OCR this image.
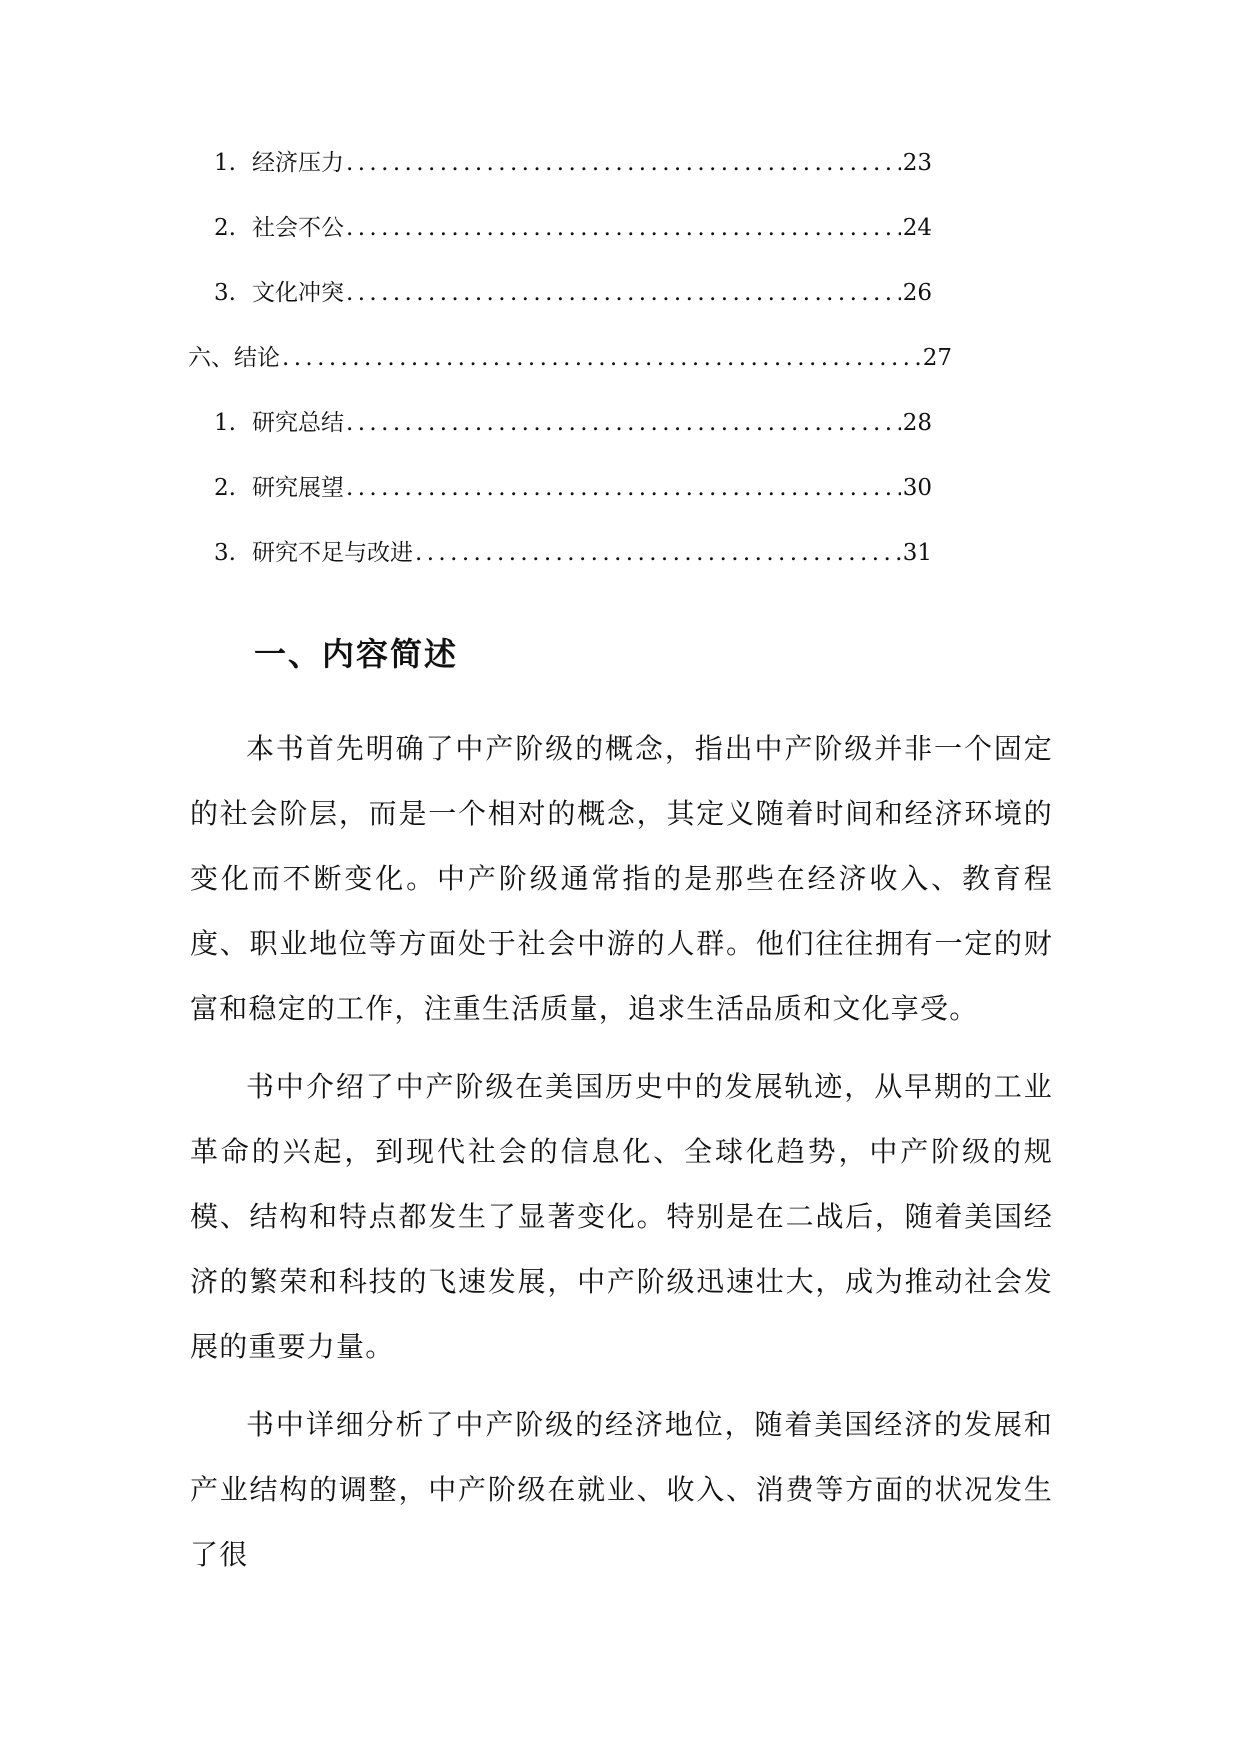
1. 经济压力 .....	23
2. 社会不公 .....	24
3. 文化冲突 .....	26
六、结论 .....	27
1. 研究总结 .....	28
2. 研究展望 .....	30
3. 研究不足与改进 .....	31
一、内容简述

本书首先明确了中产阶级的概念，指出中产阶级并非一个固定的社会阶层，而是一个相对的概念，其定义随着时间和经济环境的变化而不断变化。中产阶级通常指的是那些在经济收入、教育程度、职业地位等方面处于社会中游的人群。他们往往拥有一定的财富和稳定的工作，注重生活质量，追求生活品质和文化享受。

书中介绍了中产阶级在美国历史中的发展轨迹，从早期的工业革命的兴起，到现代社会的信息化、全球化趋势，中产阶级的规模、结构和特点都发生了显著变化。特别是在二战后，随着美国经济的繁荣和科技的飞速发展，中产阶级迅速壮大，成为推动社会发展的重要力量。

书中详细分析了中产阶级的经济地位，随着美国经济的发展和产业结构的调整，中产阶级在就业、收入、消费等方面的状况发生了很
